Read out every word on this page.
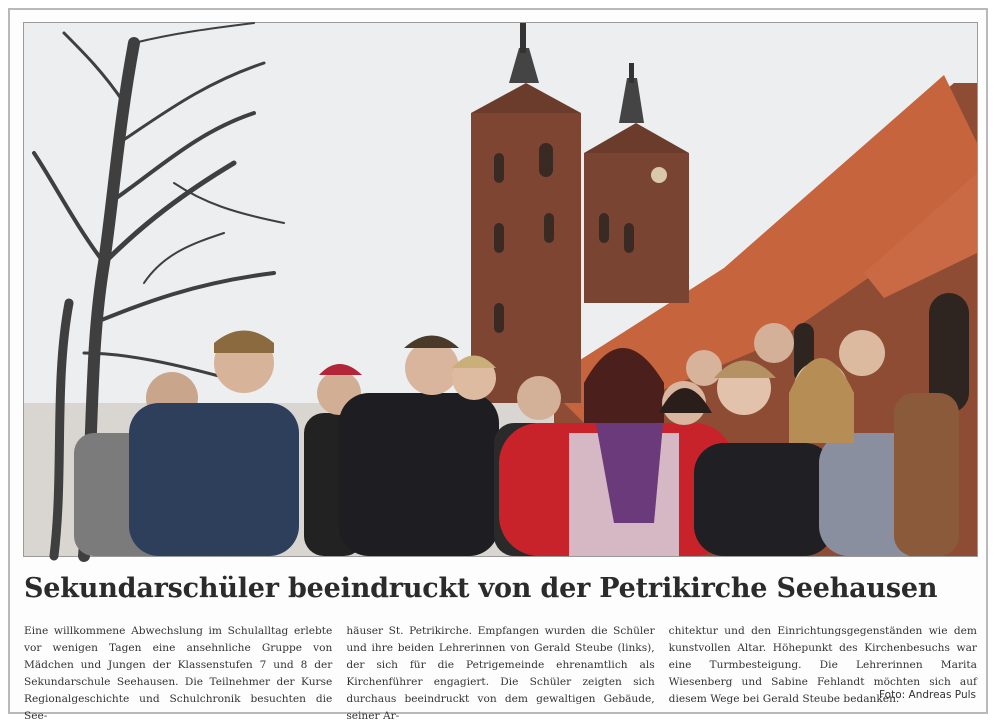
Sekundarschüler beeindruckt von der Petrikirche Seehausen
Eine willkommene Abwechslung im Schulalltag erlebte vor wenigen Tagen eine ansehnliche Gruppe von Mädchen und Jungen der Klassenstufen 7 und 8 der Sekundarschule Seehausen. Die Teilnehmer der Kurse Regionalgeschichte und Schulchronik besuchten die See-
häuser St. Petrikirche. Empfangen wurden die Schüler und ihre beiden Lehrerinnen von Gerald Steube (links), der sich für die Petrigemeinde ehrenamtlich als Kirchenführer engagiert. Die Schüler zeigten sich durchaus beeindruckt von dem gewaltigen Gebäude, seiner Ar-
chitektur und den Einrichtungsgegenständen wie dem kunstvollen Altar. Höhepunkt des Kirchenbesuchs war eine Turmbesteigung. Die Lehrerinnen Marita Wiesenberg und Sabine Fehlandt möchten sich auf diesem Wege bei Gerald Steube bedanken.
Foto: Andreas Puls
